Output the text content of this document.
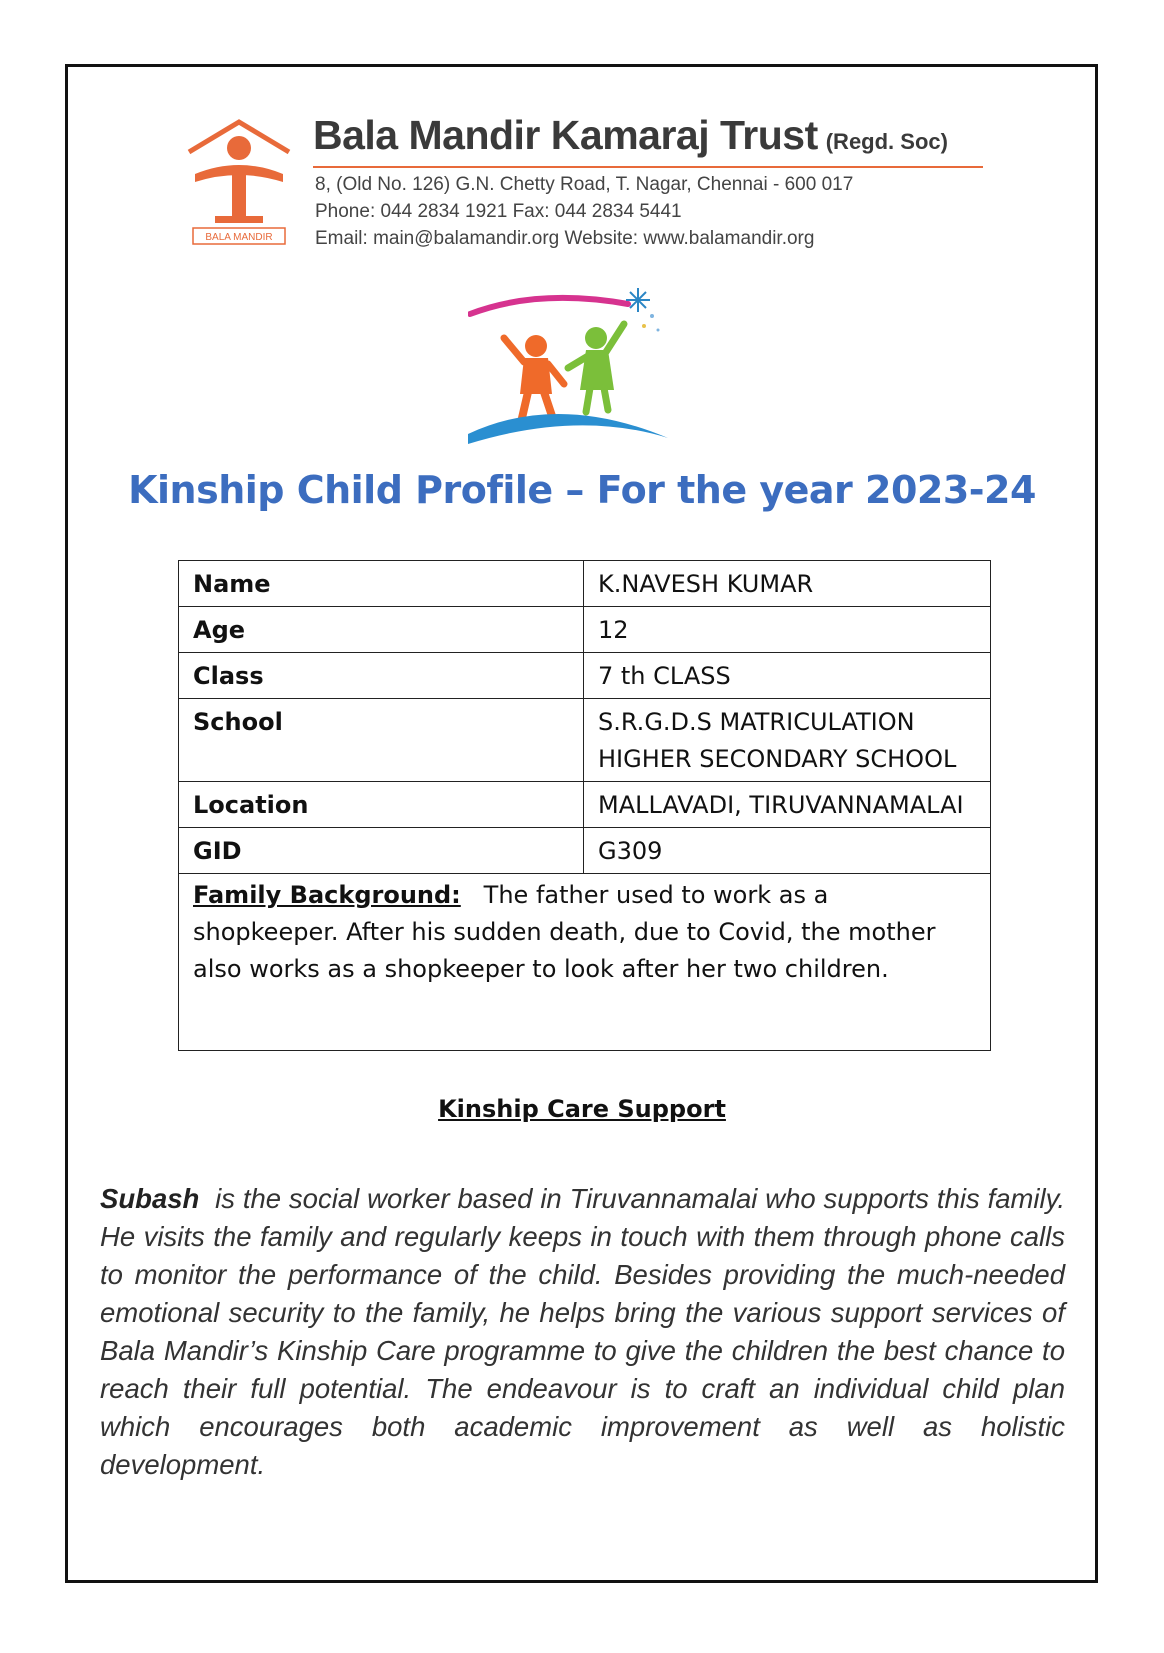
BALA MANDIR
Bala Mandir Kamaraj Trust (Regd. Soc)
8, (Old No. 126) G.N. Chetty Road, T. Nagar, Chennai - 600 017
Phone: 044 2834 1921 Fax: 044 2834 5441
Email: main@balamandir.org Website: www.balamandir.org
Kinship Child Profile – For the year 2023-24
Name	K.NAVESH KUMAR
Age	12
Class	7 th CLASS
School	S.R.G.D.S MATRICULATION HIGHER SECONDARY SCHOOL
Location	MALLAVADI, TIRUVANNAMALAI
GID	G309
Family Background: The father used to work as a shopkeeper. After his sudden death, due to Covid, the mother also works as a shopkeeper to look after her two children.	
Kinship Care Support

Subash is the social worker based in Tiruvannamalai who supports this family. He visits the family and regularly keeps in touch with them through phone calls to monitor the performance of the child. Besides providing the much-needed emotional security to the family, he helps bring the various support services of Bala Mandir’s Kinship Care programme to give the children the best chance to reach their full potential. The endeavour is to craft an individual child plan which encourages both academic improvement as well as holistic development.
